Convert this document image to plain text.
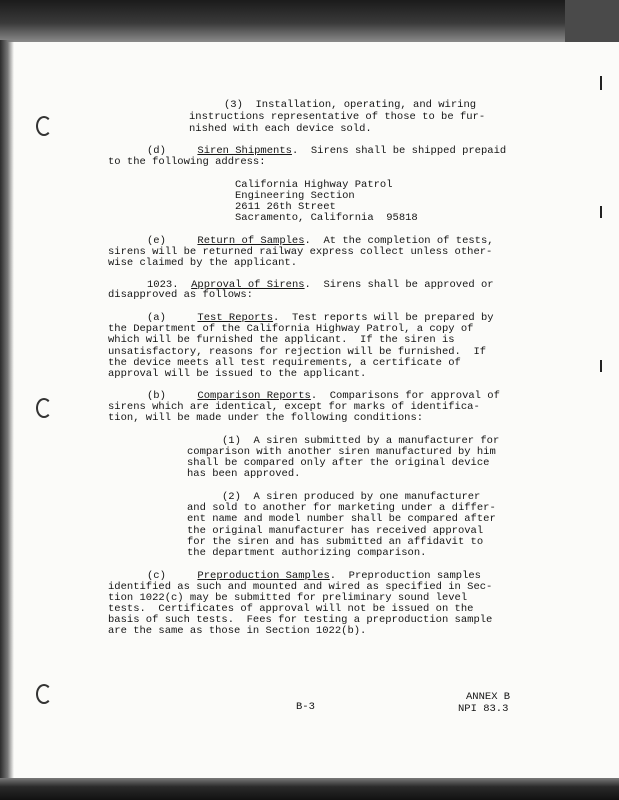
(3)  Installation, operating, and wiring

instructions representative of those to be fur-

nished with each device sold.

(d)	Siren Shipments.  Sirens shall be shipped prepaid

to the following address:

California Highway Patrol

Engineering Section

2611 26th Street

Sacramento, California  95818

(e)	Return of Samples.  At the completion of tests,

sirens will be returned railway express collect unless other-

wise claimed by the applicant.

1023. Approval of Sirens.  Sirens shall be approved or

disapproved as follows:

(a)	Test Reports.  Test reports will be prepared by

the Department of the California Highway Patrol, a copy of

which will be furnished the applicant.  If the siren is

unsatisfactory, reasons for rejection will be furnished.  If

the device meets all test requirements, a certificate of

approval will be issued to the applicant.

(b)	Comparison Reports.  Comparisons for approval of

sirens which are identical, except for marks of identifica-

tion, will be made under the following conditions:

(1)  A siren submitted by a manufacturer for

comparison with another siren manufactured by him

shall be compared only after the original device

has been approved.

(2)  A siren produced by one manufacturer

and sold to another for marketing under a differ-

ent name and model number shall be compared after

the original manufacturer has received approval

for the siren and has submitted an affidavit to

the department authorizing comparison.

(c)	Preproduction Samples.  Preproduction samples

identified as such and mounted and wired as specified in Sec-

tion 1022(c) may be submitted for preliminary sound level

tests.  Certificates of approval will not be issued on the

basis of such tests.  Fees for testing a preproduction sample

are the same as those in Section 1022(b).

B-3

ANNEX B

NPI 83.3
